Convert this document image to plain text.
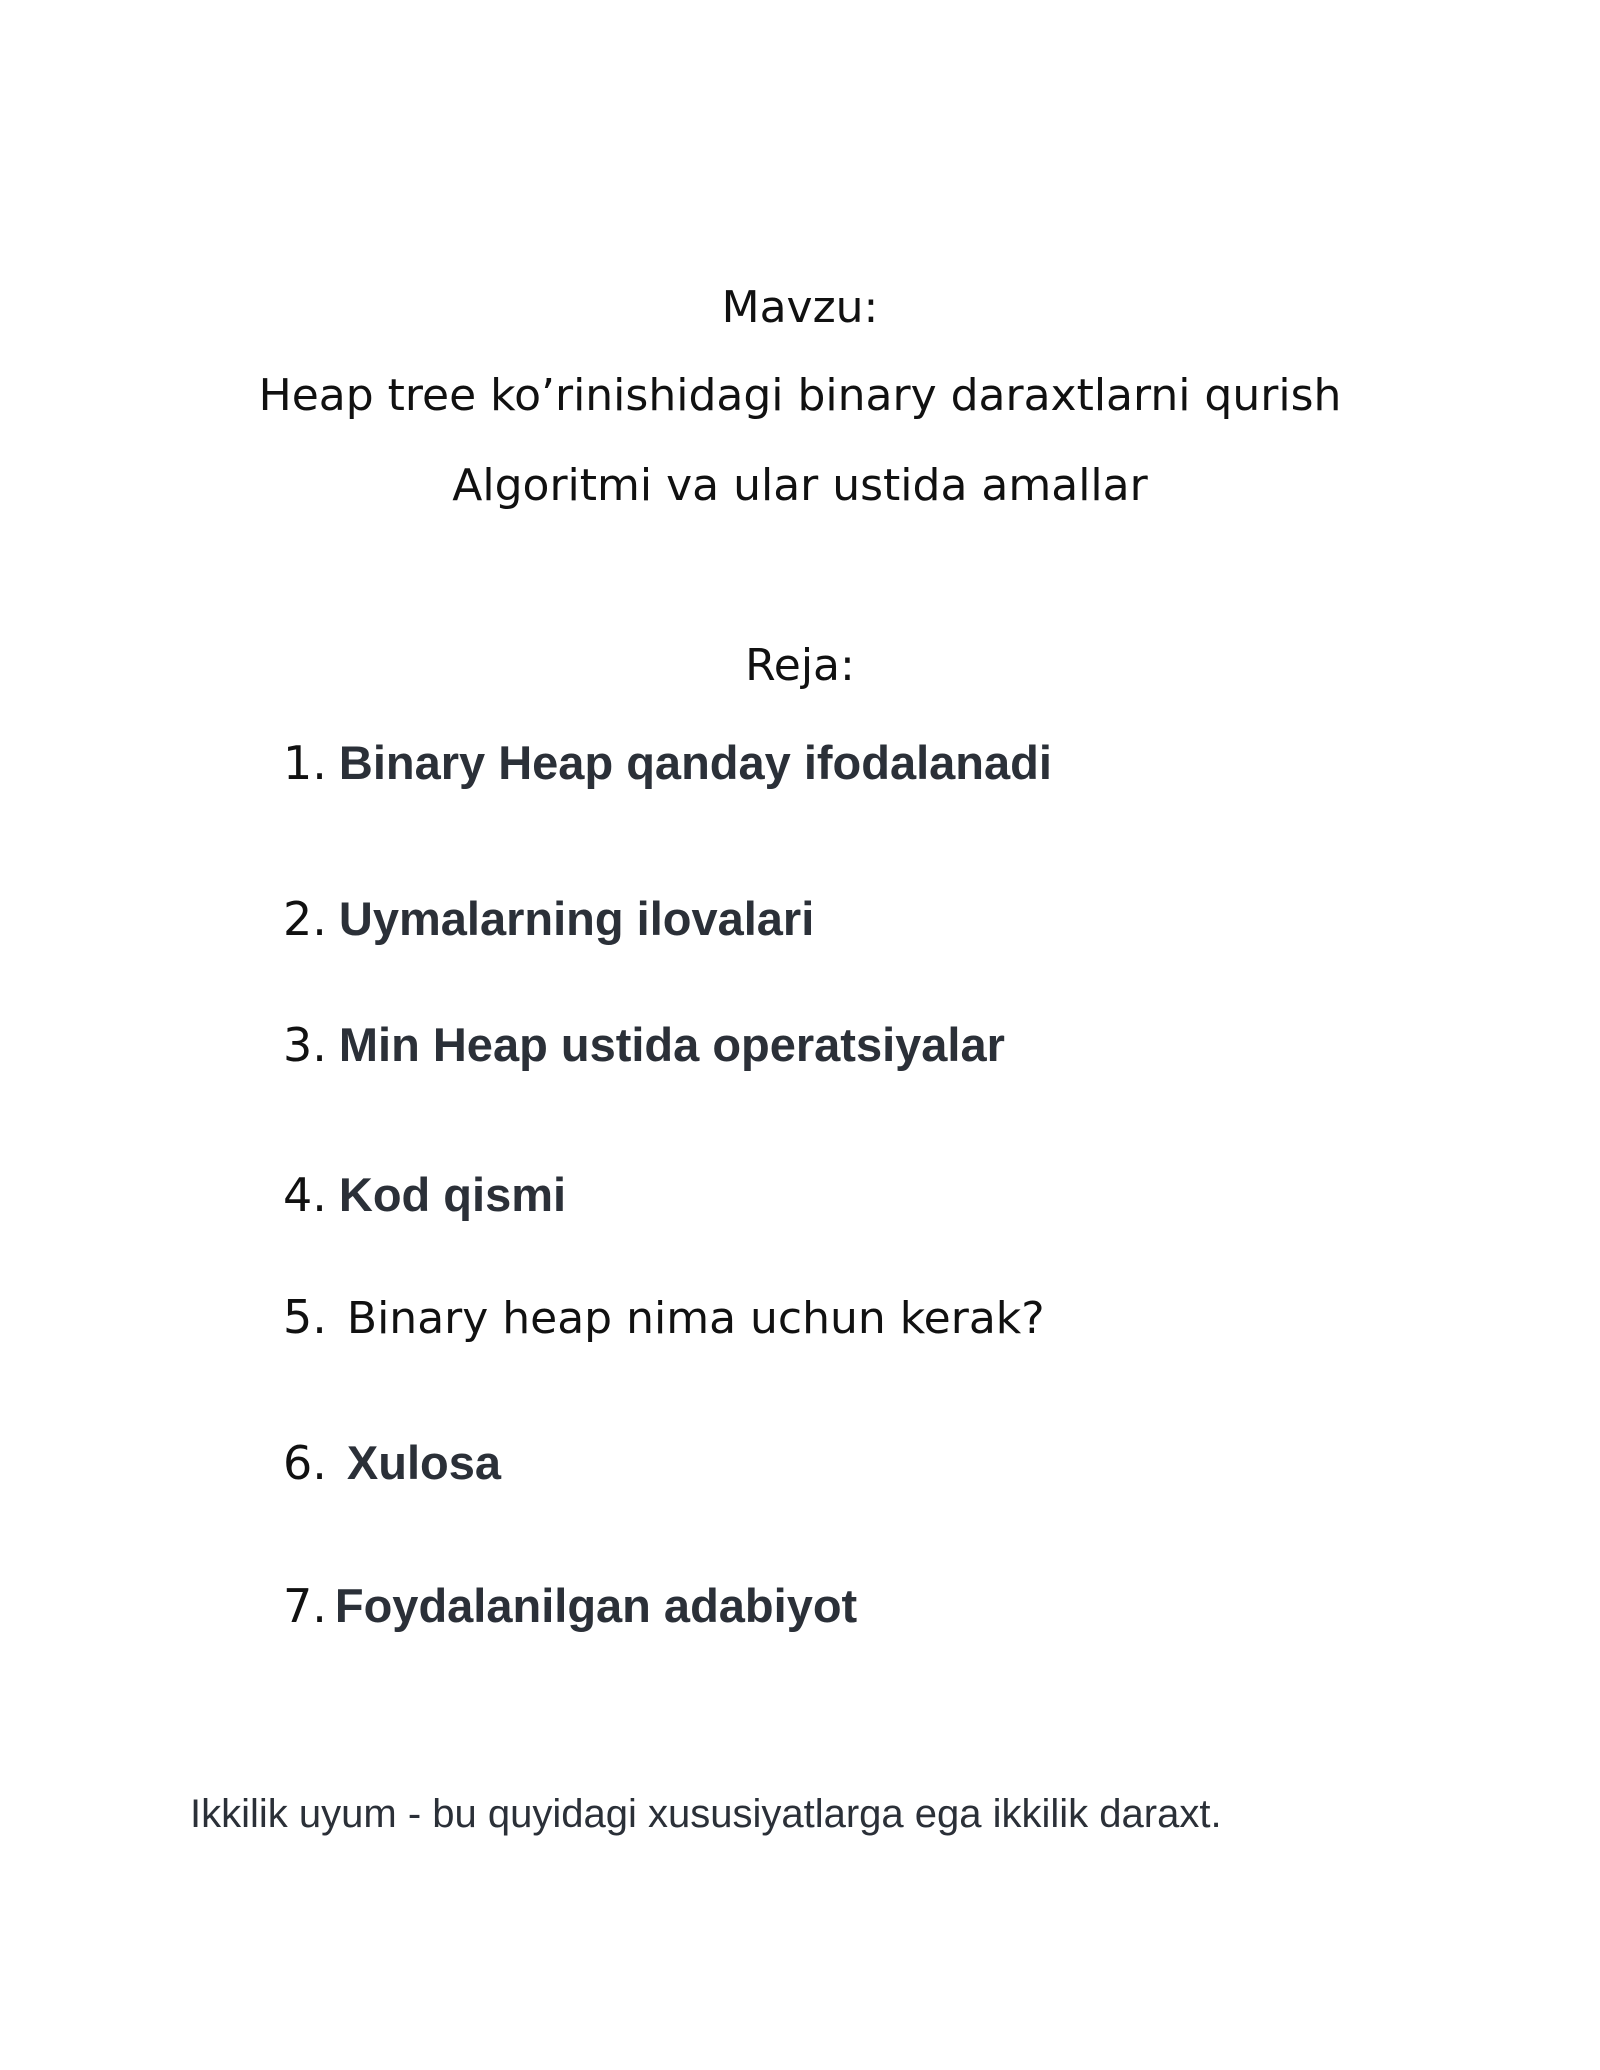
Mavzu:
Heap tree ko’rinishidagi binary daraxtlarni qurish
Algoritmi va ular ustida amallar
Reja:
1. Binary Heap qanday ifodalanadi
2. Uymalarning ilovalari
3. Min Heap ustida operatsiyalar
4. Kod qismi
5. Binary heap nima uchun kerak?
6. Xulosa
7. Foydalanilgan adabiyot
Ikkilik uyum - bu quyidagi xususiyatlarga ega ikkilik daraxt.
